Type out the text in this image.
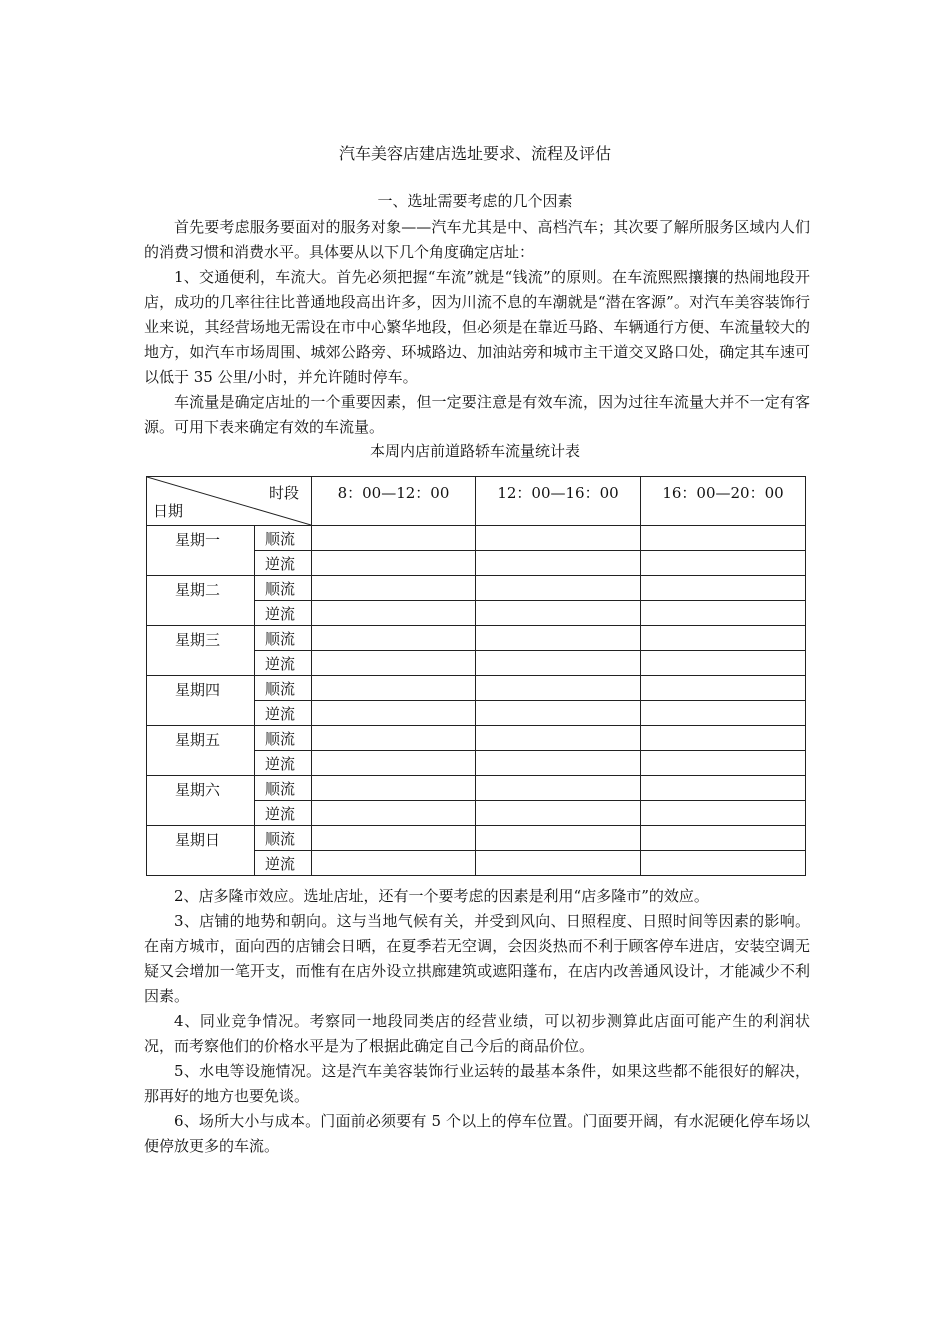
汽车美容店建店选址要求、流程及评估
一、选址需要考虑的几个因素

首先要考虑服务要面对的服务对象——汽车尤其是中、高档汽车；其次要了解所服务区域内人们的消费习惯和消费水平。具体要从以下几个角度确定店址：

1、交通便利，车流大。首先必须把握“车流”就是“钱流”的原则。在车流熙熙攘攘的热闹地段开店，成功的几率往往比普通地段高出许多，因为川流不息的车潮就是“潜在客源”。对汽车美容装饰行业来说，其经营场地无需设在市中心繁华地段，但必须是在靠近马路、车辆通行方便、车流量较大的地方，如汽车市场周围、城郊公路旁、环城路边、加油站旁和城市主干道交叉路口处，确定其车速可以低于 35 公里/小时，并允许随时停车。

车流量是确定店址的一个重要因素，但一定要注意是有效车流，因为过往车流量大并不一定有客源。可用下表来确定有效的车流量。

本周内店前道路轿车流量统计表
时段
日期		8：00—12：00	12：00—16：00	16：00—20：00
星期一	顺流			
	逆流			
星期二	顺流			
	逆流			
星期三	顺流			
	逆流			
星期四	顺流			
	逆流			
星期五	顺流			
	逆流			
星期六	顺流			
	逆流			
星期日	顺流			
	逆流			

2、店多隆市效应。选址店址，还有一个要考虑的因素是利用“店多隆市”的效应。

3、店铺的地势和朝向。这与当地气候有关，并受到风向、日照程度、日照时间等因素的影响。在南方城市，面向西的店铺会日晒，在夏季若无空调，会因炎热而不利于顾客停车进店，安装空调无疑又会增加一笔开支，而惟有在店外设立拱廊建筑或遮阳蓬布，在店内改善通风设计，才能减少不利因素。

4、同业竞争情况。考察同一地段同类店的经营业绩，可以初步测算此店面可能产生的利润状况，而考察他们的价格水平是为了根据此确定自己今后的商品价位。

5、水电等设施情况。这是汽车美容装饰行业运转的最基本条件，如果这些都不能很好的解决，那再好的地方也要免谈。

6、场所大小与成本。门面前必须要有 5 个以上的停车位置。门面要开阔，有水泥硬化停车场以便停放更多的车流。
